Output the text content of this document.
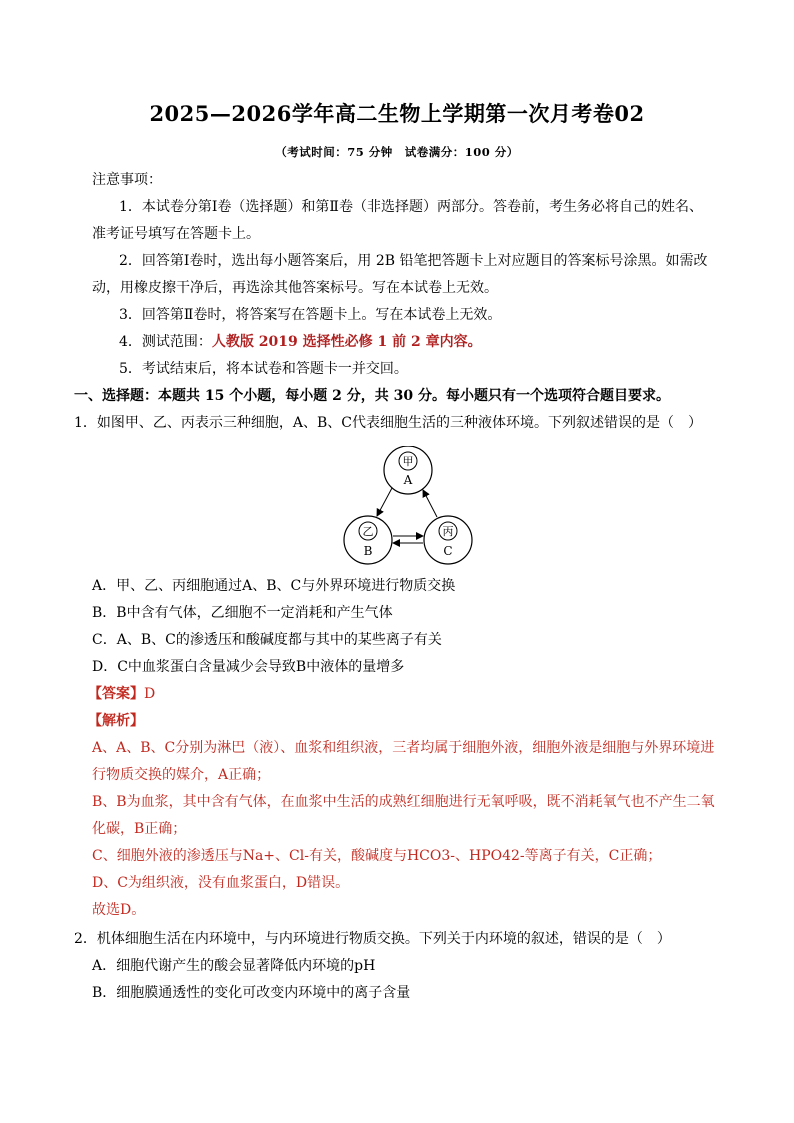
2025—2026学年高二生物上学期第一次月考卷02
（考试时间：75 分钟　试卷满分：100 分）
注意事项：
1．本试卷分第Ⅰ卷（选择题）和第Ⅱ卷（非选择题）两部分。答卷前，考生务必将自己的姓名、
准考证号填写在答题卡上。
2．回答第Ⅰ卷时，选出每小题答案后，用 2B 铅笔把答题卡上对应题目的答案标号涂黑。如需改
动，用橡皮擦干净后，再选涂其他答案标号。写在本试卷上无效。
3．回答第Ⅱ卷时，将答案写在答题卡上。写在本试卷上无效。
4．测试范围：人教版 2019 选择性必修 1 前 2 章内容。
5．考试结束后，将本试卷和答题卡一并交回。
一、选择题：本题共 15 个小题，每小题 2 分，共 30 分。每小题只有一个选项符合题目要求。
1．如图甲、乙、丙表示三种细胞，A、B、C代表细胞生活的三种液体环境。下列叙述错误的是（　）
甲
A
乙
B
丙
C
A．甲、乙、丙细胞通过A、B、C与外界环境进行物质交换
B．B中含有气体，乙细胞不一定消耗和产生气体
C．A、B、C的渗透压和酸碱度都与其中的某些离子有关
D．C中血浆蛋白含量减少会导致B中液体的量增多
【答案】D
【解析】
A、A、B、C分别为淋巴（液）、血浆和组织液，三者均属于细胞外液，细胞外液是细胞与外界环境进
行物质交换的媒介，A正确；
B、B为血浆，其中含有气体，在血浆中生活的成熟红细胞进行无氧呼吸，既不消耗氧气也不产生二氧
化碳，B正确；
C、细胞外液的渗透压与Na+、Cl-有关，酸碱度与HCO3-、HPO42-等离子有关，C正确；
D、C为组织液，没有血浆蛋白，D错误。
故选D。
2．机体细胞生活在内环境中，与内环境进行物质交换。下列关于内环境的叙述，错误的是（　）
A．细胞代谢产生的酸会显著降低内环境的pH
B．细胞膜通透性的变化可改变内环境中的离子含量
